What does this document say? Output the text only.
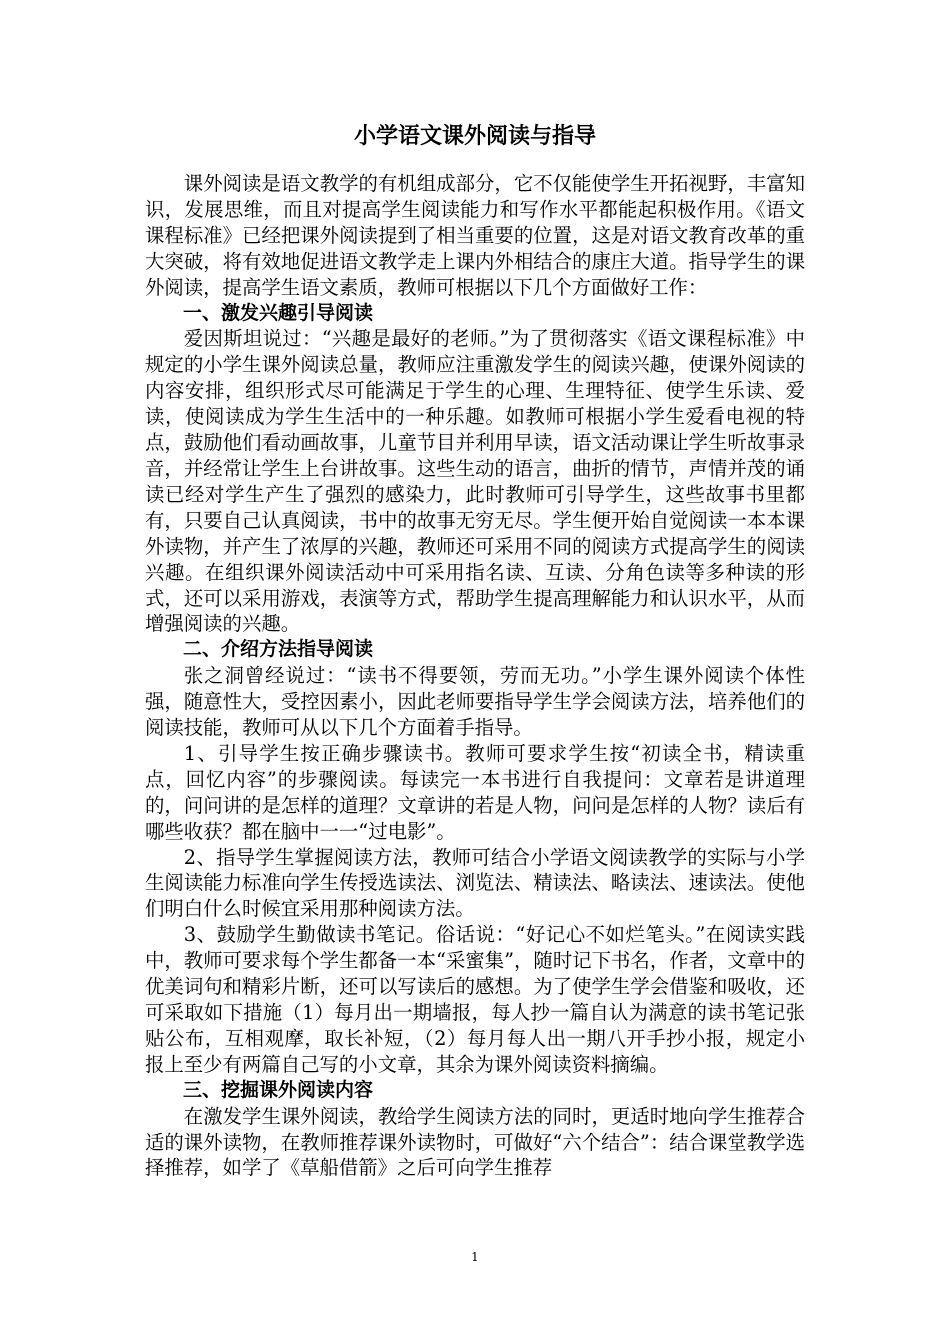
小学语文课外阅读与指导

课外阅读是语文教学的有机组成部分，它不仅能使学生开拓视野，丰富知识，发展思维，而且对提高学生阅读能力和写作水平都能起积极作用。《语文课程标准》已经把课外阅读提到了相当重要的位置，这是对语文教育改革的重大突破，将有效地促进语文教学走上课内外相结合的康庄大道。指导学生的课外阅读，提高学生语文素质，教师可根据以下几个方面做好工作：

一、激发兴趣引导阅读

爱因斯坦说过：“兴趣是最好的老师。”为了贯彻落实《语文课程标准》中规定的小学生课外阅读总量，教师应注重激发学生的阅读兴趣，使课外阅读的内容安排，组织形式尽可能满足于学生的心理、生理特征、使学生乐读、爱读，使阅读成为学生生活中的一种乐趣。如教师可根据小学生爱看电视的特点，鼓励他们看动画故事，儿童节目并利用早读，语文活动课让学生听故事录音，并经常让学生上台讲故事。这些生动的语言，曲折的情节，声情并茂的诵读已经对学生产生了强烈的感染力，此时教师可引导学生，这些故事书里都有，只要自己认真阅读，书中的故事无穷无尽。学生便开始自觉阅读一本本课外读物，并产生了浓厚的兴趣，教师还可采用不同的阅读方式提高学生的阅读兴趣。在组织课外阅读活动中可采用指名读、互读、分角色读等多种读的形式，还可以采用游戏，表演等方式，帮助学生提高理解能力和认识水平，从而增强阅读的兴趣。

二、介绍方法指导阅读

张之洞曾经说过：“读书不得要领，劳而无功。”小学生课外阅读个体性强，随意性大，受控因素小，因此老师要指导学生学会阅读方法，培养他们的阅读技能，教师可从以下几个方面着手指导。

1、引导学生按正确步骤读书。教师可要求学生按“初读全书，精读重点，回忆内容”的步骤阅读。每读完一本书进行自我提问：文章若是讲道理的，问问讲的是怎样的道理？文章讲的若是人物，问问是怎样的人物？读后有哪些收获？都在脑中一一“过电影”。

2、指导学生掌握阅读方法，教师可结合小学语文阅读教学的实际与小学生阅读能力标准向学生传授选读法、浏览法、精读法、略读法、速读法。使他们明白什么时候宜采用那种阅读方法。

3、鼓励学生勤做读书笔记。俗话说：“好记心不如烂笔头。”在阅读实践中，教师可要求每个学生都备一本“采蜜集”，随时记下书名，作者，文章中的优美词句和精彩片断，还可以写读后的感想。为了使学生学会借鉴和吸收，还可采取如下措施（1）每月出一期墙报，每人抄一篇自认为满意的读书笔记张贴公布，互相观摩，取长补短，（2）每月每人出一期八开手抄小报，规定小报上至少有两篇自己写的小文章，其余为课外阅读资料摘编。

三、挖掘课外阅读内容

在激发学生课外阅读，教给学生阅读方法的同时，更适时地向学生推荐合适的课外读物，在教师推荐课外读物时，可做好“六个结合”：结合课堂教学选择推荐，如学了《草船借箭》之后可向学生推荐

1
